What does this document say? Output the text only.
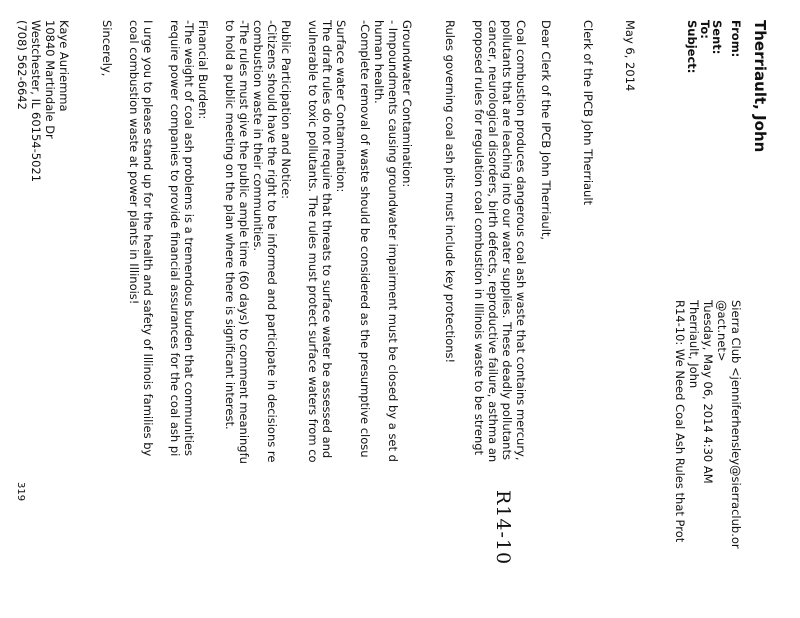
R14-10
Therriault, John
From:
Sierra Club <jenniferhensley@sierraclub.or
@act.net>
Sent:
Tuesday, May 06, 2014 4:30 AM
To:
Therriault, John
Subject:
R14-10: We Need Coal Ash Rules that Prot
May 6, 2014
Clerk of the IPCB John Therriault
Dear Clerk of the IPCB John Therriault,
Coal combustion produces dangerous coal ash waste that contains mercury,
pollutants that are leaching into our water supplies. These deadly pollutants
cancer, neurological disorders, birth defects, reproductive failure, asthma an
proposed rules for regulation coal combustion in Illinois waste to be strengt
Rules governing coal ash pits must include key protections!
Groundwater Contamination:
- Impoundments causing groundwater impairment must be closed by a set d
human health.
-Complete removal of waste should be considered as the presumptive closu
Surface water Contamination:
The draft rules do not require that threats to surface water be assessed and
vulnerable to toxic pollutants. The rules must protect surface waters from co
Public Participation and Notice:
-Citizens should have the right to be informed and participate in decisions re
combustion waste in their communities.
-The rules must give the public ample time (60 days) to comment meaningfu
to hold a public meeting on the plan where there is significant interest.
Financial Burden:
-The weight of coal ash problems is a tremendous burden that communities
require power companies to provide financial assurances for the coal ash pi
I urge you to please stand up for the health and safety of Illinois families by
coal combustion waste at power plants in Illinois!
Sincerely,
Kaye Auriemma
10840 Martindale Dr
Westchester, IL 60154-5021
(708) 562-6642
319
